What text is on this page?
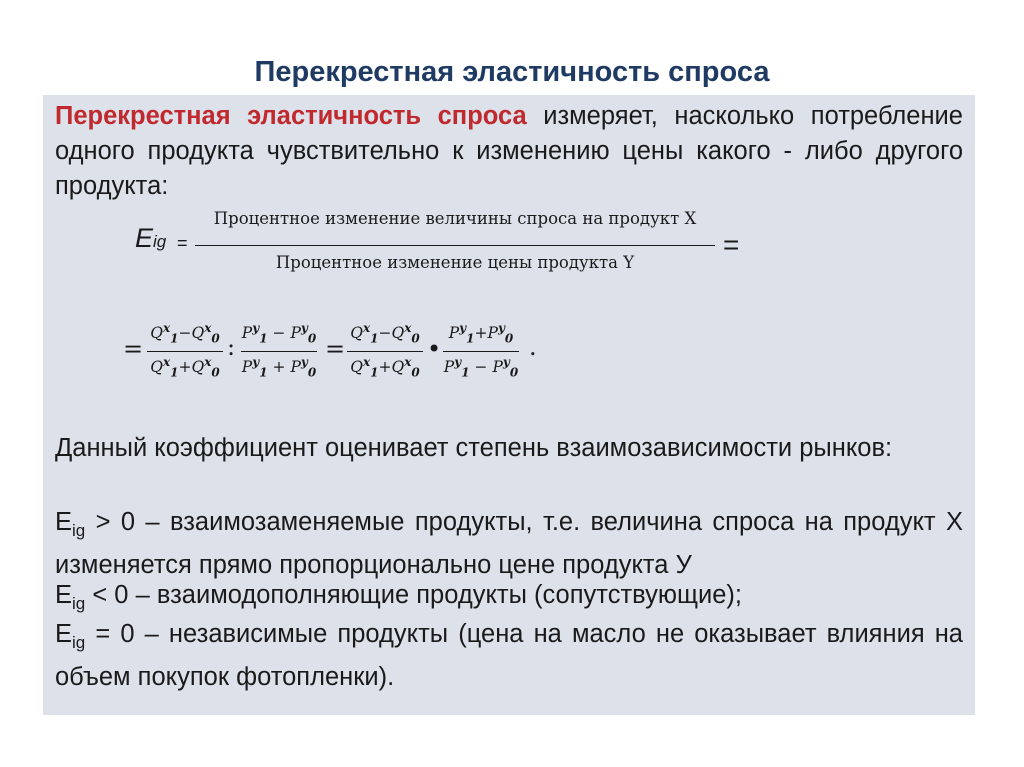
Перекрестная эластичность спроса
Перекрестная эластичность спроса измеряет, насколько потребление одного продукта чувствительно к изменению цены какого - либо другого продукта:
Eig =
Процентное изменение величины спроса на продукт X
Процентное изменение цены продукта Y
=
=
$Q^x_1-Q^x_0$
$Q^x_1+Q^x_0$
: $P^y_1 - P^y_0$
$P^y_1 + P^y_0$
=
$Q^x_1-Q^x_0$
$Q^x_1+Q^x_0$
•
$P^y_1+P^y_0$
$P^y_1 - P^y_0$
.
Данный коэффициент оценивает степень взаимозависимости рынков:
$E_{ig} > 0$ – взаимозаменяемые продукты, т.е. величина спроса на продукт X изменяется прямо пропорционально цене продукта У
$E_{ig} < 0$ – взаимодополняющие продукты (сопутствующие);
$E_{ig} = 0$ – независимые продукты (цена на масло не оказывает влияния на объем покупок фотопленки).
